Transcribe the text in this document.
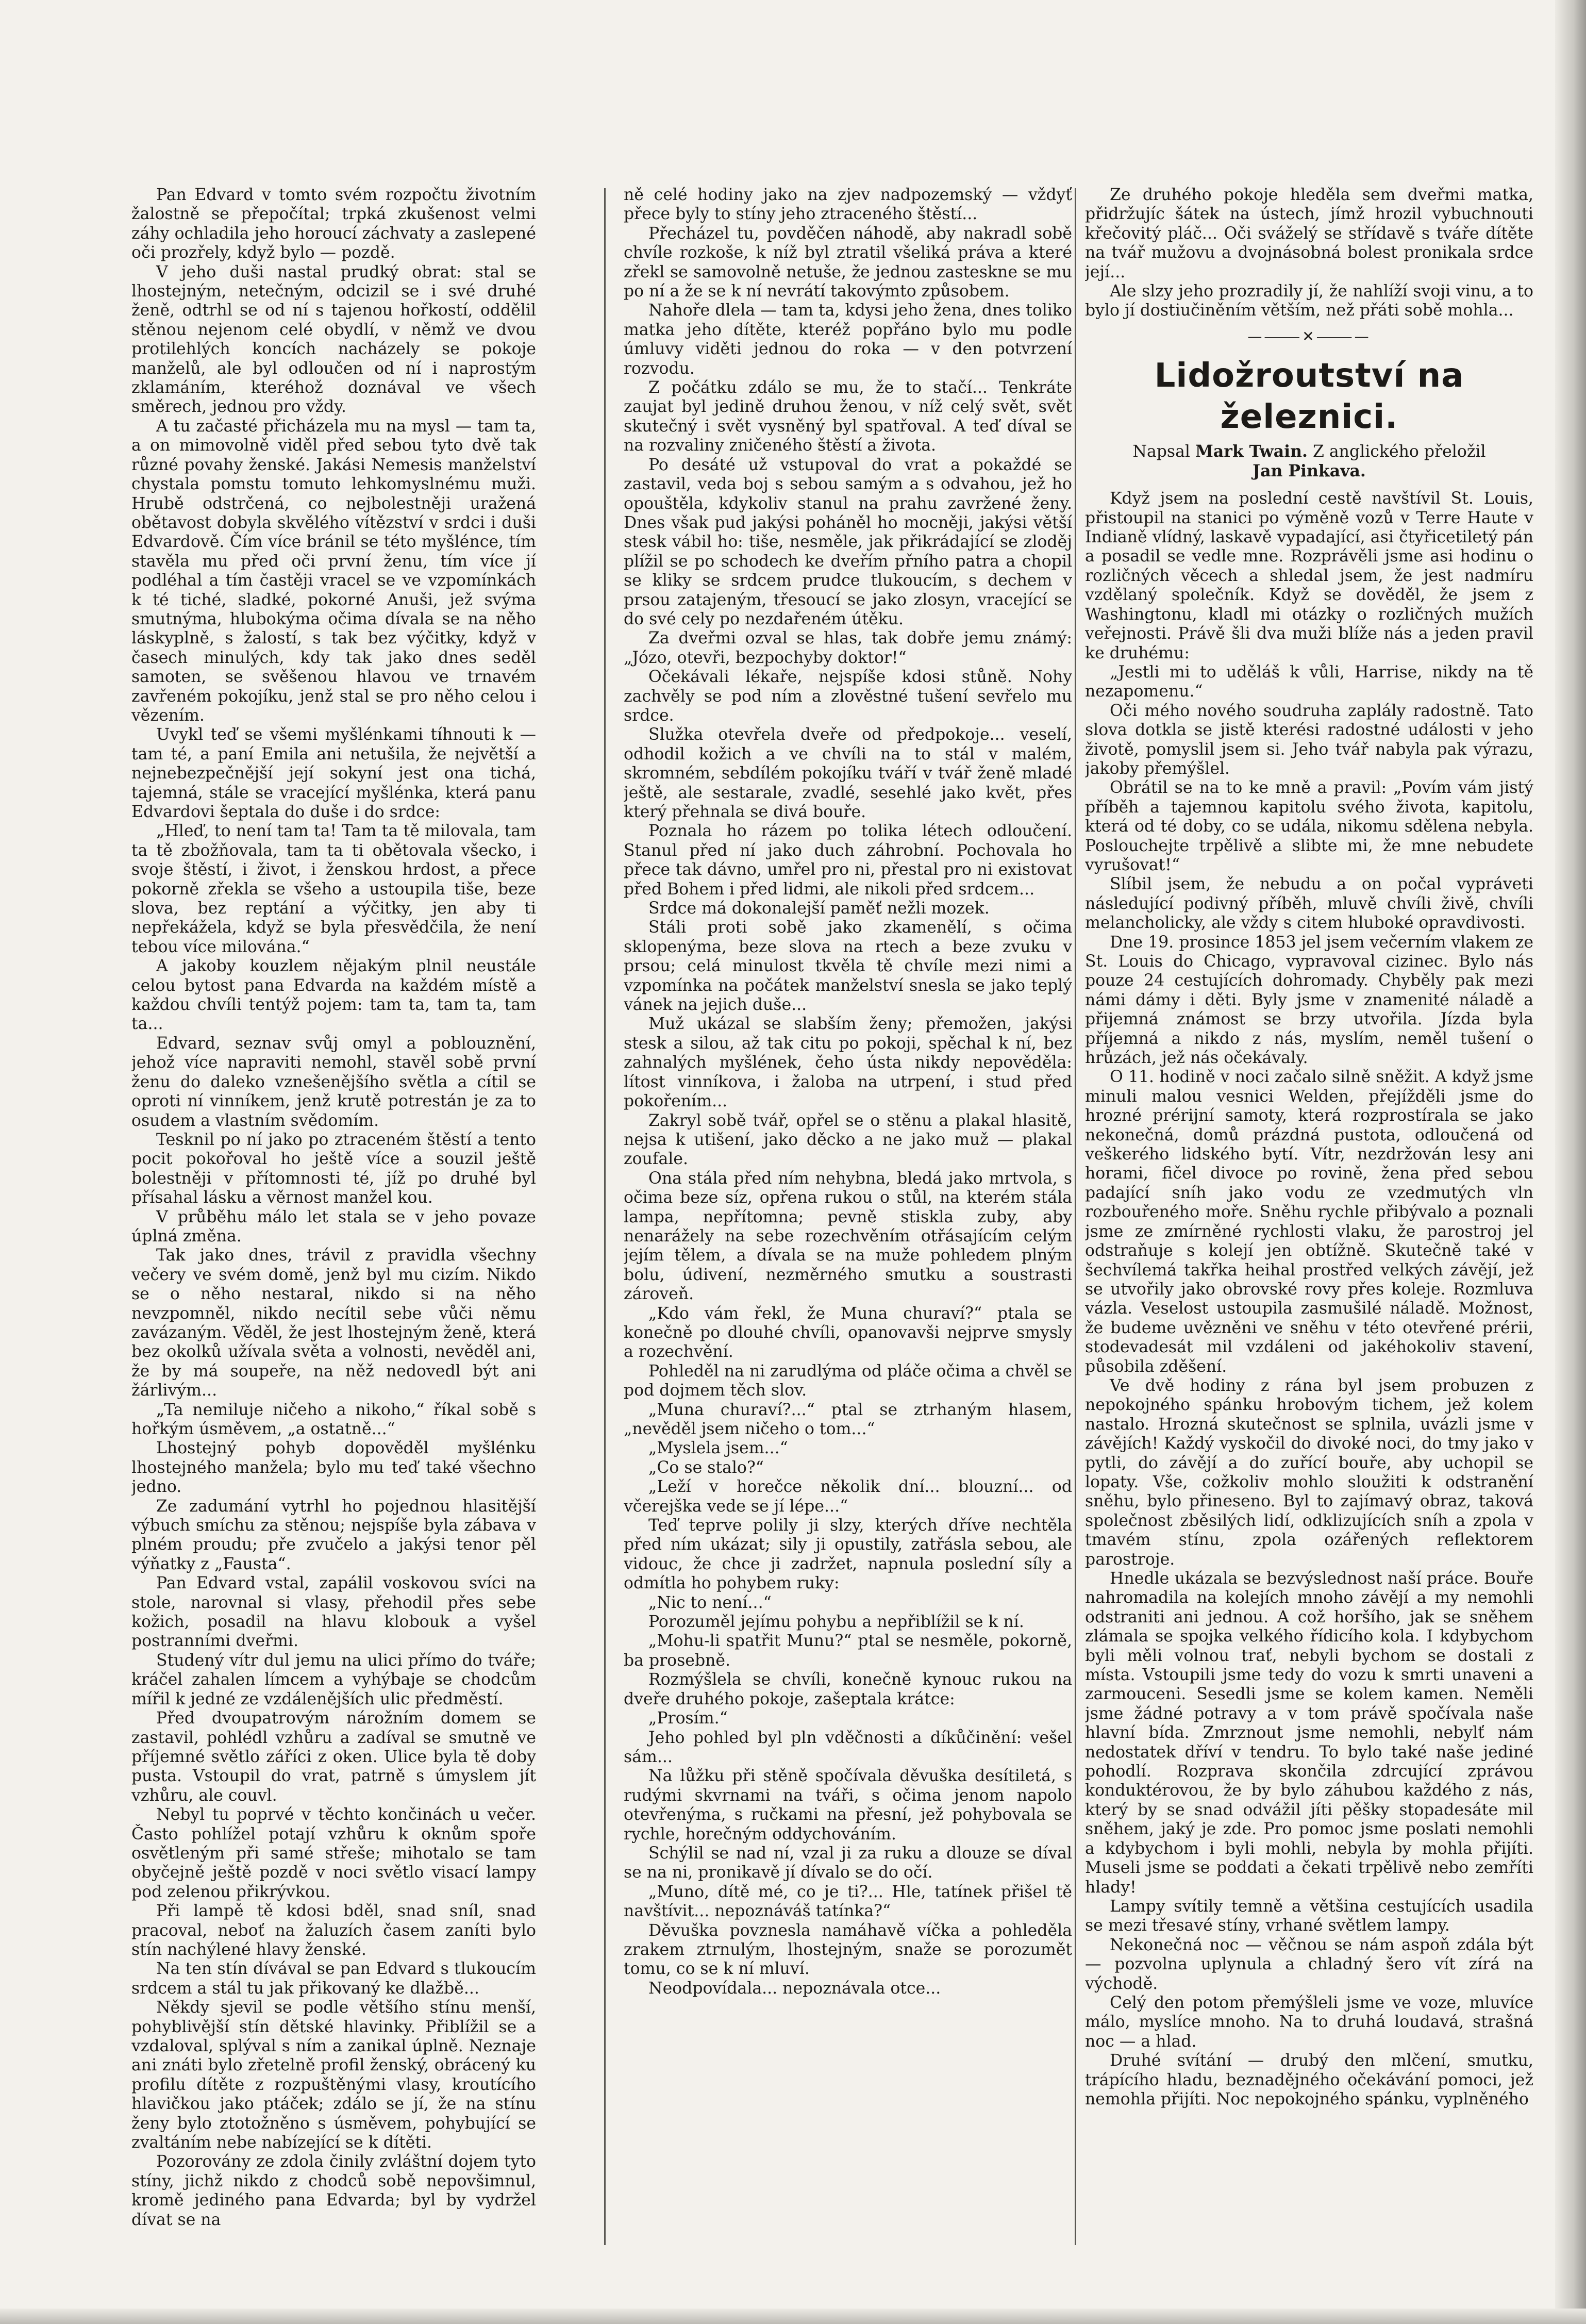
Pan Edvard v tomto svém rozpočtu životním žalostně se přepočítal; trpká zkušenost velmi záhy ochladila jeho horoucí záchvaty a zaslepené oči prozřely, když bylo — pozdě.

V jeho duši nastal prudký obrat: stal se lhostejným, netečným, odcizil se i své druhé ženě, odtrhl se od ní s tajenou hořkostí, oddělil stěnou nejenom celé obydlí, v němž ve dvou protilehlých koncích nacházely se pokoje manželů, ale byl odloučen od ní i naprostým zklamáním, kteréhož doznával ve všech směrech, jednou pro vždy.

A tu začasté přicházela mu na mysl — tam ta, a on mimovolně viděl před sebou tyto dvě tak různé povahy ženské. Jakási Nemesis manželství chystala pomstu tomuto lehkomyslnému muži. Hrubě odstrčená, co nejbolestněji uražená obětavost dobyla skvělého vítězství v srdci i duši Edvardově. Čím více bránil se této myšlénce, tím stavěla mu před oči první ženu, tím více jí podléhal a tím častěji vracel se ve vzpomínkách k té tiché, sladké, pokorné Anuši, jež svýma smutnýma, hlubokýma očima dívala se na něho láskyplně, s žalostí, s tak bez výčitky, když v časech minulých, kdy tak jako dnes seděl samoten, se svěšenou hlavou ve trnavém zavřeném pokojíku, jenž stal se pro něho celou i vězením.

Uvykl teď se všemi myšlénkami tíhnouti k — tam té, a paní Emila ani netušila, že největší a nejnebezpečnější její sokyní jest ona tichá, tajemná, stále se vracející myšlénka, která panu Edvardovi šeptala do duše i do srdce:

„Hleď, to není tam ta! Tam ta tě milovala, tam ta tě zbožňovala, tam ta ti obětovala všecko, i svoje štěstí, i život, i ženskou hrdost, a přece pokorně zřekla se všeho a ustoupila tiše, beze slova, bez reptání a výčitky, jen aby ti nepřekážela, když se byla přesvědčila, že není tebou více milována.“

A jakoby kouzlem nějakým plnil neustále celou bytost pana Edvarda na každém místě a každou chvíli tentýž pojem: tam ta, tam ta, tam ta...

Edvard, seznav svůj omyl a poblouznění, jehož více napraviti nemohl, stavěl sobě první ženu do daleko vznešenějšího světla a cítil se oproti ní vinníkem, jenž krutě potrestán je za to osudem a vlastním svědomím.

Tesknil po ní jako po ztraceném štěstí a tento pocit pokořoval ho ještě více a souzil ještě bolestněji v přítomnosti té, jíž po druhé byl přísahal lásku a věrnost manžel kou.

V průběhu málo let stala se v jeho povaze úplná změna.

Tak jako dnes, trávil z pravidla všechny večery ve svém domě, jenž byl mu cizím. Nikdo se o něho nestaral, nikdo si na něho nevzpomněl, nikdo necítil sebe vůči němu zavázaným. Věděl, že jest lhostejným ženě, která bez okolků užívala světa a volnosti, nevěděl ani, že by má soupeře, na něž nedovedl být ani žárlivým...

„Ta nemiluje ničeho a nikoho,“ říkal sobě s hořkým úsměvem, „a ostatně...“

Lhostejný pohyb dopověděl myšlénku lhostejného manžela; bylo mu teď také všechno jedno.

Ze zadumání vytrhl ho pojednou hlasitější výbuch smíchu za stěnou; nejspíše byla zábava v plném proudu; pře zvučelo a jakýsi tenor pěl výňatky z „Fausta“.

Pan Edvard vstal, zapálil voskovou svíci na stole, narovnal si vlasy, přehodil přes sebe kožich, posadil na hlavu klobouk a vyšel postranními dveřmi.

Studený vítr dul jemu na ulici přímo do tváře; kráčel zahalen límcem a vyhýbaje se chodcům mířil k jedné ze vzdálenějších ulic předměstí.

Před dvoupatrovým nárožním domem se zastavil, pohlédl vzhůru a zadíval se smutně ve příjemné světlo záříci z oken. Ulice byla tě doby pusta. Vstoupil do vrat, patrně s úmyslem jít vzhůru, ale couvl.

Nebyl tu poprvé v těchto končinách u večer. Často pohlížel potají vzhůru k oknům spoře osvětleným při samé střeše; mihotalo se tam obyčejně ještě pozdě v noci světlo visací lampy pod zelenou přikrývkou.

Při lampě tě kdosi bděl, snad sníl, snad pracoval, neboť na žaluzích časem zaníti bylo stín nachýlené hlavy ženské.

Na ten stín dívával se pan Edvard s tlukoucím srdcem a stál tu jak přikovaný ke dlažbě...

Někdy sjevil se podle většího stínu menší, pohyblivější stín dětské hlavinky. Přiblížil se a vzdaloval, splýval s ním a zanikal úplně. Neznaje ani znáti bylo zřetelně profil ženský, obrácený ku profilu dítěte z rozpuštěnými vlasy, kroutícího hlavičkou jako ptáček; zdálo se jí, že na stínu ženy bylo ztotožněno s úsměvem, pohybující se zvaltáním nebe nabízející se k dítěti.

Pozorovány ze zdola činily zvláštní dojem tyto stíny, jichž nikdo z chodců sobě nepovšimnul, kromě jediného pana Edvarda; byl by vydržel dívat se na

ně celé hodiny jako na zjev nadpozemský — vždyť přece byly to stíny jeho ztraceného štěstí...

Přecházel tu, povděčen náhodě, aby nakradl sobě chvíle rozkoše, k níž byl ztratil všeliká práva a které zřekl se samovolně netuše, že jednou zastesknе se mu po ní a že se k ní nevrátí takovýmto způsobem.

Nahoře dlela — tam ta, kdysi jeho žena, dnes toliko matka jeho dítěte, kteréž popřáno bylo mu podle úmluvy viděti jednou do roka — v den potvrzení rozvodu.

Z počátku zdálo se mu, že to stačí... Tenkráte zaujat byl jedině druhou ženou, v níž celý svět, svět skutečný i svět vysněný byl spatřoval. A teď díval se na rozvaliny zničeného štěstí a života.

Po desáté už vstupoval do vrat a pokaždé se zastavil, veda boj s sebou samým a s odvahou, jež ho opouštěla, kdykoliv stanul na prahu zavržené ženy. Dnes však pud jakýsi poháněl ho mocněji, jakýsi větší stesk vábil ho: tiše, nesměle, jak přikrádající se zloděj plížil se po schodech ke dveřím přního patra a chopil se kliky se srdcem prudce tlukoucím, s dechem v prsou zatajeným, třesoucí se jako zlosyn, vracející se do své cely po nezdařeném útěku.

Za dveřmi ozval se hlas, tak dobře jemu známý: „Józo, otevři, bezpochyby doktor!“

Očekávali lékaře, nejspíše kdosi stůně. Nohy zachvěly se pod ním a zlověstné tušení sevřelo mu srdce.

Služka otevřela dveře od předpokoje... veselí, odhodil kožich a ve chvíli na to stál v malém, skromném, sebdílém pokojíku tváří v tvář ženě mladé ještě, ale sestarale, zvadlé, sesehlé jako květ, přes který přehnala se divá bouře.

Poznala ho rázem po tolika létech odloučení. Stanul před ní jako duch záhrobní. Pochovala ho přece tak dávno, umřel pro ni, přestal pro ni existovat před Bohem i před lidmi, ale nikoli před srdcem...

Srdce má dokonalejší paměť nežli mozek.

Stáli proti sobě jako zkamenělí, s očima sklopenýma, beze slova na rtech a beze zvuku v prsou; celá minulost tkvěla tě chvíle mezi nimi a vzpomínka na počátek manželství snesla se jako teplý vánek na jejich duše...

Muž ukázal se slabším ženy; přemožen, jakýsi stesk a silou, až tak citu po pokoji, spěchal k ní, bez zahnalých myšlének, čeho ústa nikdy nepověděla: lítost vinníkova, i žaloba na utrpení, i stud před pokořením...

Zakryl sobě tvář, opřel se o stěnu a plakal hlasitě, nejsa k utišení, jako děcko a ne jako muž — plakal zoufale.

Ona stála před ním nehybna, bledá jako mrtvola, s očima beze síz, opřena rukou o stůl, na kterém stála lampa, nepřítomna; pevně stiskla zuby, aby nenarážely na sebe rozechvěním otřásajícím celým jejím tělem, a dívala se na muže pohledem plným bolu, údivení, nezměrného smutku a soustrasti zároveň.

„Kdo vám řekl, že Muna churaví?“ ptala se konečně po dlouhé chvíli, opanovavši nejprve smysly a rozechvění.

Pohleděl na ni zarudlýma od pláče očima a chvěl se pod dojmem těch slov.

„Muna churaví?...“ ptal se ztrhaným hlasem, „nevěděl jsem ničeho o tom...“

„Myslela jsem...“

„Co se stalo?“

„Leží v horečce několik dní... blouzní... od včerejška vede se jí lépe...“

Teď teprve polily ji slzy, kterých dříve nechtěla před ním ukázat; sily ji opustily, zatřásla sebou, ale vidouc, že chce ji zadržet, napnula poslední síly a odmítla ho pohybem ruky:

„Nic to není...“

Porozuměl jejímu pohybu a nepřiblížil se k ní.

„Mohu-li spatřit Munu?“ ptal se nesměle, pokorně, ba prosebně.

Rozmýšlela se chvíli, konečně kynouc rukou na dveře druhého pokoje, zašeptala krátce:

„Prosím.“

Jeho pohled byl pln vděčnosti a díkůčinění: vešel sám...

Na lůžku při stěně spočívala děvuška desítiletá, s rudými skvrnami na tváři, s očima jenom napolo otevřenýma, s ručkami na přesní, jež pohybovala se rychle, horečným oddychováním.

Schýlil se nad ní, vzal ji za ruku a dlouze se díval se na ni, pronikavě jí dívalo se do očí.

„Muno, dítě mé, co je ti?... Hle, tatínek přišel tě navštívit... nepoznáváš tatínka?“

Děvuška povznesla namáhavě víčka a pohleděla zrakem ztrnulým, lhostejným, snaže se porozumět tomu, co se k ní mluví.

Neodpovídala... nepoznávala otce...

Ze druhého pokoje hleděla sem dveřmi matka, přidržujíc šátek na ústech, jímž hrozil vybuchnouti křečovitý pláč... Oči sváželý se střídavě s tváře dítěte na tvář mužovu a dvojnásobná bolest pronikala srdce její...

Ale slzy jeho prozradily jí, že nahlíží svoji vinu, a to bylo jí dostiučiněním větším, než přáti sobě mohla...

—⸻✕⸻—
Lidožroutství na železnici.
Napsal Mark Twain. Z anglického přeložil
Jan Pinkava.

Když jsem na poslední cestě navštívil St. Louis, přistoupil na stanici po výměně vozů v Terre Haute v Indianě vlídný, laskavě vypadající, asi čtyřicetiletý pán a posadil se vedle mne. Rozprávěli jsme asi hodinu o rozličných věcech a shledal jsem, že jest nadmíru vzdělaný společník. Když se dověděl, že jsem z Washingtonu, kladl mi otázky o rozličných mužích veřejnosti. Právě šli dva muži blíže nás a jeden pravil ke druhému:

„Jestli mi to uděláš k vůli, Harrise, nikdy na tě nezapomenu.“

Oči mého nového soudruha zaplály radostně. Tato slova dotkla se jistě kterési radostné události v jeho životě, pomyslil jsem si. Jeho tvář nabyla pak výrazu, jakoby přemýšlel.

Obrátil se na to ke mně a pravil: „Povím vám jistý příběh a tajemnou kapitolu svého života, kapitolu, která od té doby, co se udála, nikomu sdělena nebyla. Poslouchejte trpělivě a slibte mi, že mne nebudete vyrušovat!“

Slíbil jsem, že nebudu a on počal vypráveti následující podivný příběh, mluvě chvíli živě, chvíli melancholicky, ale vždy s citem hluboké opravdivosti.

Dne 19. prosince 1853 jel jsem večerním vlakem ze St. Louis do Chicago, vypravoval cizinec. Bylo nás pouze 24 cestujících dohromady. Chyběly pak mezi námi dámy i děti. Byly jsme v znamenité náladě a přijemná známost se brzy utvořila. Jízda byla příjemná a nikdo z nás, myslím, neměl tušení o hrůzách, jež nás očekávaly.

O 11. hodině v noci začalo silně sněžit. A když jsme minuli malou vesnici Welden, přejížděli jsme do hrozné prérijní samoty, která rozprostírala se jako nekonečná, domů prázdná pustota, odloučená od veškerého lidského bytí. Vítr, nezdržován lesy ani horami, fičel divoce po rovině, žena před sebou padající sníh jako vodu ze vzedmutých vln rozbouřeného moře. Sněhu rychle přibývalo a poznali jsme ze zmírněné rychlosti vlaku, že parostroj jel odstraňuje s kolejí jen obtížně. Skutečně také v šechvílemá takřka heihal prostřed velkých závějí, jež se utvořily jako obrovské rovy přes koleje. Rozmluva vázla. Veselost ustoupila zasmušilé náladě. Možnost, že budeme uvězněni ve sněhu v této otevřené prérii, stodevadesát mil vzdáleni od jakéhokoliv stavení, působila zděšení.

Ve dvě hodiny z rána byl jsem probuzen z nepokojného spánku hrobovým tichem, jež kolem nastalo. Hrozná skutečnost se splnila, uvázli jsme v závějích! Každý vyskočil do divoké noci, do tmy jako v pytli, do závějí a do zuřící bouře, aby uchopil se lopaty. Vše, cožkoliv mohlo sloužiti k odstranění sněhu, bylo přineseno. Byl to zajímavý obraz, taková společnost zběsilých lidí, odklizujících sníh a zpola v tmavém stínu, zpola ozářených reflektorem parostroje.

Hnedle ukázala se bezvýslednost naší práce. Bouře nahromadila na kolejích mnoho závějí a my nemohli odstraniti ani jednou. A což horšího, jak se sněhem zlámala se spojka velkého řídicího kola. I kdybychom byli měli volnou trať, nebyli bychom se dostali z místa. Vstoupili jsme tedy do vozu k smrti unaveni a zarmouceni. Sesedli jsme se kolem kamen. Neměli jsme žádné potravy a v tom právě spočívala naše hlavní bída. Zmrznout jsme nemohli, nebylť nám nedostatek dříví v tendru. To bylo také naše jediné pohodlí. Rozprava skončila zdrcující zprávou konduktérovou, že by bylo záhubou každého z nás, který by se snad odvážil jíti pěšky stopadesáte mil sněhem, jaký je zde. Pro pomoc jsme poslati nemohli a kdybychom i byli mohli, nebyla by mohla přijíti. Museli jsme se poddati a čekati trpělivě nebo zemříti hlady!

Lampy svítily temně a většina cestujících usadila se mezi třesavé stíny, vrhané světlem lampy.

Nekonečná noc — věčnou se nám aspoň zdála být — pozvolna uplynula a chladný šero vít zírá na východě.

Celý den potom přemýšleli jsme ve voze, mluvíce málo, myslíce mnoho. Na to druhá loudavá, strašná noc — a hlad.

Druhé svítání — drubý den mlčení, smutku, trápícího hladu, beznadějného očekávání pomoci, jež nemohla přijíti. Noc nepokojného spánku, vyplněného
